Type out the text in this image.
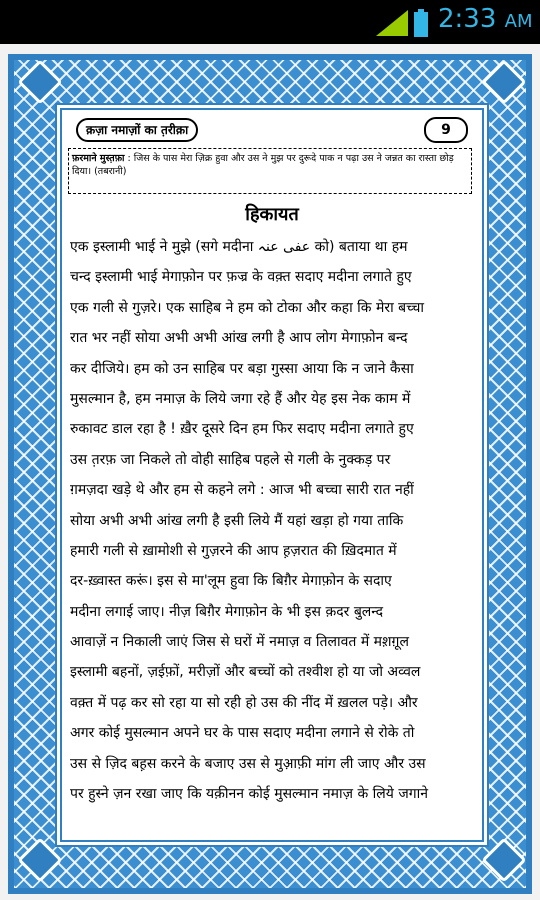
2:33 AM
क़ज़ा नमाज़ों का त़रीक़ा	9
फ़रमाने मुस्त़फ़ा : जिस के पास मेरा ज़िक्र हुवा और उस ने मुझ पर दुरूदे पाक न पढ़ा उस ने जन्नत का रास्ता छोड़ दिया। (तबरानी)
हिकायत
एक इस्लामी भाई ने मुझे (सगे मदीना عفی عنہ को) बताया था हम
चन्द इस्लामी भाई मेगाफ़ोन पर फ़ज्र के वक़्त सदाए मदीना लगाते हुए
एक गली से गुज़रे। एक साहिब ने हम को टोका और कहा कि मेरा बच्चा
रात भर नहीं सोया अभी अभी आंख लगी है आप लोग मेगाफ़ोन बन्द
कर दीजिये। हम को उन साहिब पर बड़ा गुस्सा आया कि न जाने कैसा
मुसल्मान है, हम नमाज़ के लिये जगा रहे हैं और येह इस नेक काम में
रुकावट डाल रहा है ! ख़ैर दूसरे दिन हम फिर सदाए मदीना लगाते हुए
उस त़रफ़ जा निकले तो वोही साहिब पहले से गली के नुक्कड़ पर
ग़मज़दा खड़े थे और हम से कहने लगे : आज भी बच्चा सारी रात नहीं
सोया अभी अभी आंख लगी है इसी लिये मैं यहां खड़ा हो गया ताकि
हमारी गली से ख़ामोशी से गुज़रने की आप ह़ज़रात की ख़िदमात में
दर-ख़्वास्त करूं। इस से मा'लूम हुवा कि बिग़ैर मेगाफ़ोन के सदाए
मदीना लगाई जाए। नीज़ बिग़ैर मेगाफ़ोन के भी इस क़दर बुलन्द
आवाज़ें न निकाली जाएं जिस से घरों में नमाज़ व तिलावत में मश़ग़ूल
इस्लामी बहनों, ज़ईफ़ों, मरीज़ों और बच्चों को तश्वीश हो या जो अव्वल
वक़्त में पढ़ कर सो रहा या सो रही हो उस की नींद में ख़लल पड़े। और
अगर कोई मुसल्मान अपने घर के पास सदाए मदीना लगाने से रोके तो
उस से ज़िद बह़स करने के बजाए उस से मुआ़फ़ी मांग ली जाए और उस
पर हुस्ने ज़न रखा जाए कि यक़ीनन कोई मुसल्मान नमाज़ के लिये जगाने
